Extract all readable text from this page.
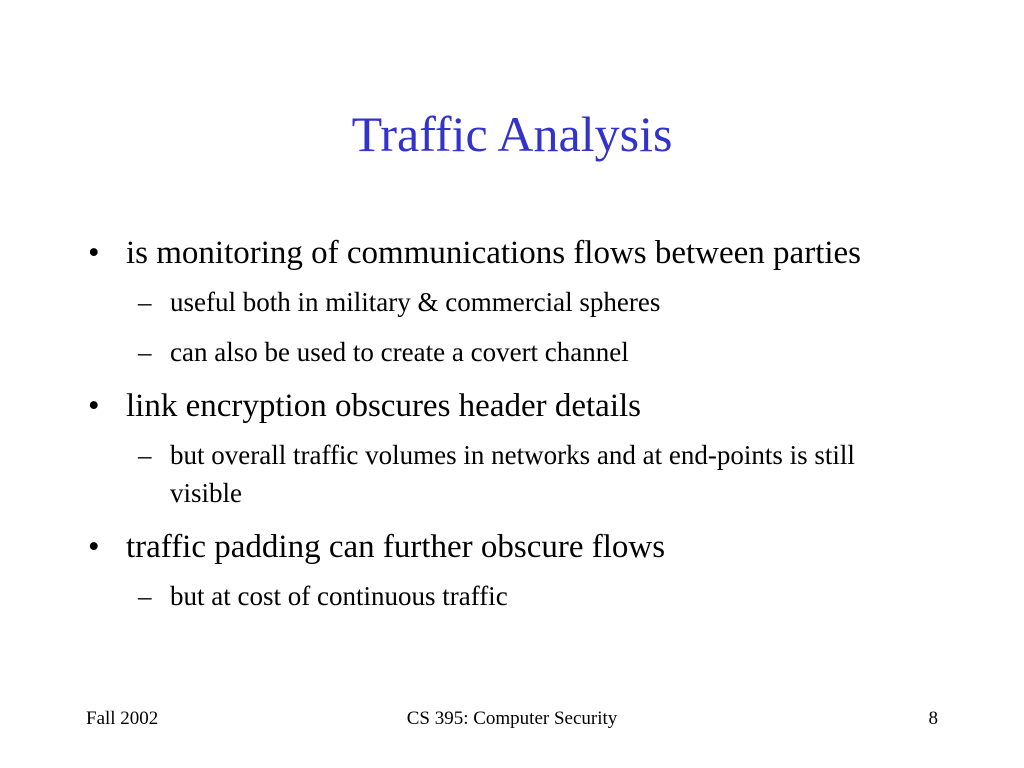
Traffic Analysis
• is monitoring of communications flows between parties
– useful both in military & commercial spheres
– can also be used to create a covert channel
• link encryption obscures header details
– but overall traffic volumes in networks and at end-points is still visible
• traffic padding can further obscure flows
– but at cost of continuous traffic
Fall 2002	CS 395: Computer Security	8
